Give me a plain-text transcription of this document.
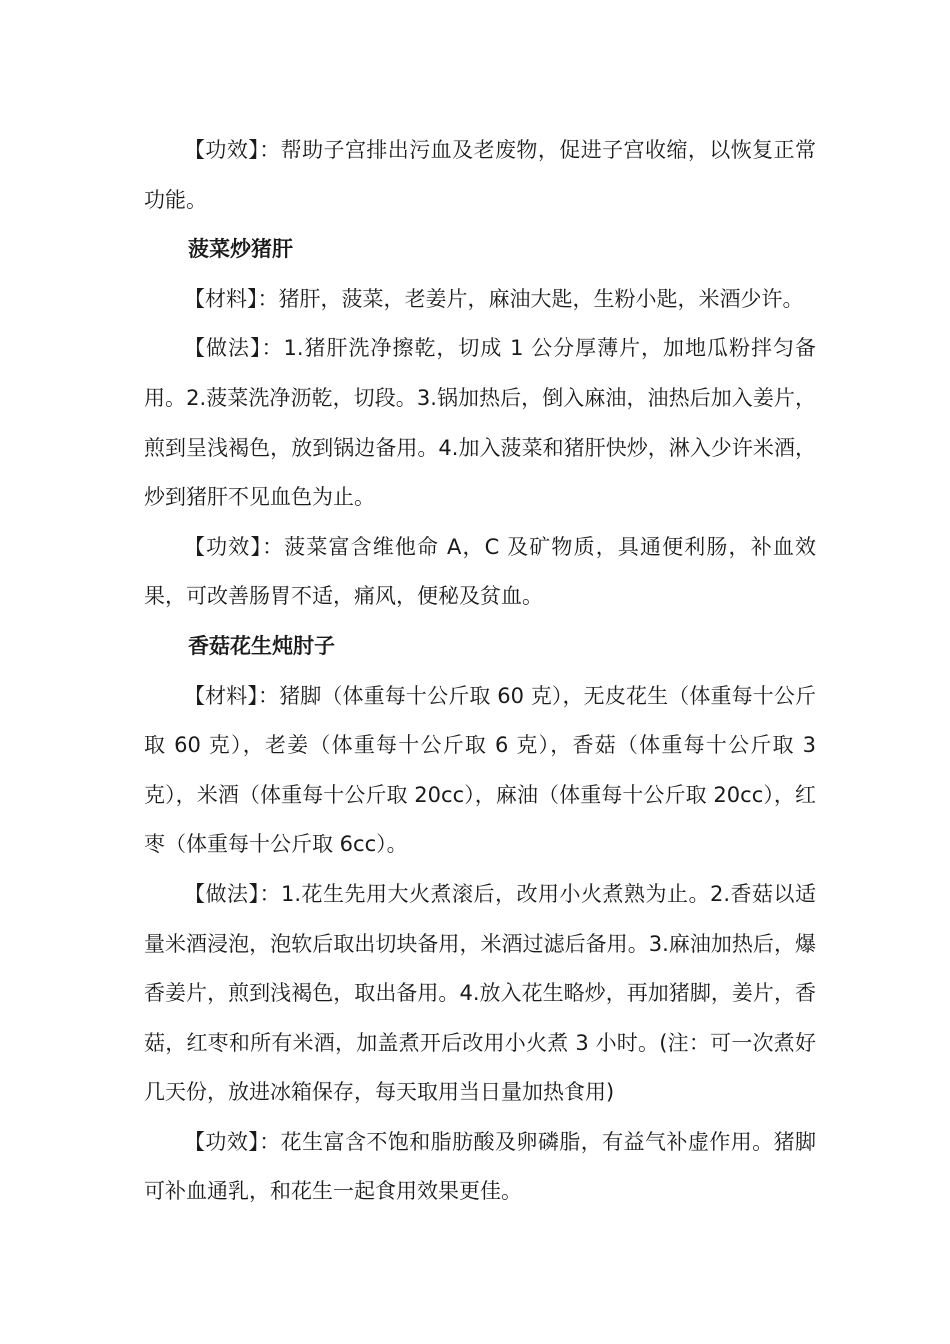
【功效】：帮助子宫排出污血及老废物，促进子宫收缩，以恢复正常功能。

菠菜炒猪肝

【材料】：猪肝，菠菜，老姜片，麻油大匙，生粉小匙，米酒少许。

【做法】：1.猪肝洗净擦乾，切成 1 公分厚薄片，加地瓜粉拌匀备用。2.菠菜洗净沥乾，切段。3.锅加热后，倒入麻油，油热后加入姜片，煎到呈浅褐色，放到锅边备用。4.加入菠菜和猪肝快炒，淋入少许米酒，炒到猪肝不见血色为止。

【功效】：菠菜富含维他命 A，C 及矿物质，具通便利肠，补血效果，可改善肠胃不适，痛风，便秘及贫血。

香菇花生炖肘子

【材料】：猪脚（体重每十公斤取 60 克），无皮花生（体重每十公斤取 60 克），老姜（体重每十公斤取 6 克），香菇（体重每十公斤取 3 克），米酒（体重每十公斤取 20cc），麻油（体重每十公斤取 20cc），红枣（体重每十公斤取 6cc）。

【做法】：1.花生先用大火煮滚后，改用小火煮熟为止。2.香菇以适量米酒浸泡，泡软后取出切块备用，米酒过滤后备用。3.麻油加热后，爆香姜片，煎到浅褐色，取出备用。4.放入花生略炒，再加猪脚，姜片，香菇，红枣和所有米酒，加盖煮开后改用小火煮 3 小时。(注：可一次煮好几天份，放进冰箱保存，每天取用当日量加热食用)

【功效】：花生富含不饱和脂肪酸及卵磷脂，有益气补虚作用。猪脚可补血通乳，和花生一起食用效果更佳。
